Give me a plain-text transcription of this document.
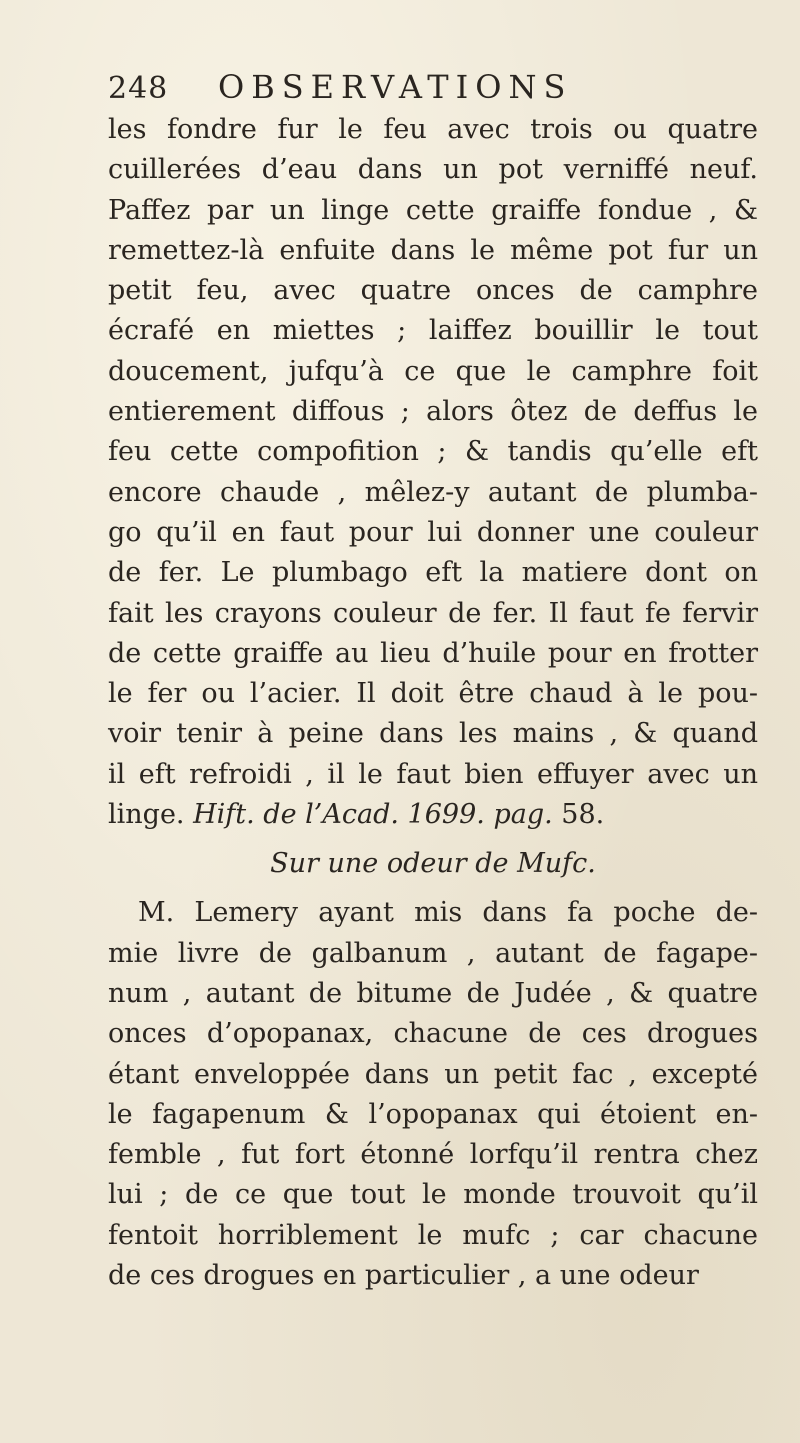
248	OBSERVATIONS
les fondre fur le feu avec trois ou quatre
cuillerées d’eau dans un pot verniffé neuf.
Paffez par un linge cette graiffe fondue , &
remettez-là enfuite dans le même pot fur un
petit feu, avec quatre onces de camphre
écrafé en miettes ; laiffez bouillir le tout
doucement, jufqu’à ce que le camphre foit
entierement diffous ; alors ôtez de deffus le
feu cette compofition ; & tandis qu’elle eft
encore chaude , mêlez-y autant de plumba-
go qu’il en faut pour lui donner une couleur
de fer. Le plumbago eft la matiere dont on
fait les crayons couleur de fer. Il faut fe fervir
de cette graiffe au lieu d’huile pour en frotter
le fer ou l’acier. Il doit être chaud à le pou-
voir tenir à peine dans les mains , & quand
il eft refroidi , il le faut bien effuyer avec un
linge. Hift. de l’Acad. 1699. pag. 58.
Sur une odeur de Mufc.
M. Lemery ayant mis dans fa poche de-
mie livre de galbanum , autant de fagape-
num , autant de bitume de Judée , & quatre
onces d’opopanax, chacune de ces drogues
étant enveloppée dans un petit fac , excepté
le fagapenum & l’opopanax qui étoient en-
femble , fut fort étonné lorfqu’il rentra chez
lui ; de ce que tout le monde trouvoit qu’il
fentoit horriblement le mufc ; car chacune
de ces drogues en particulier , a une odeur
